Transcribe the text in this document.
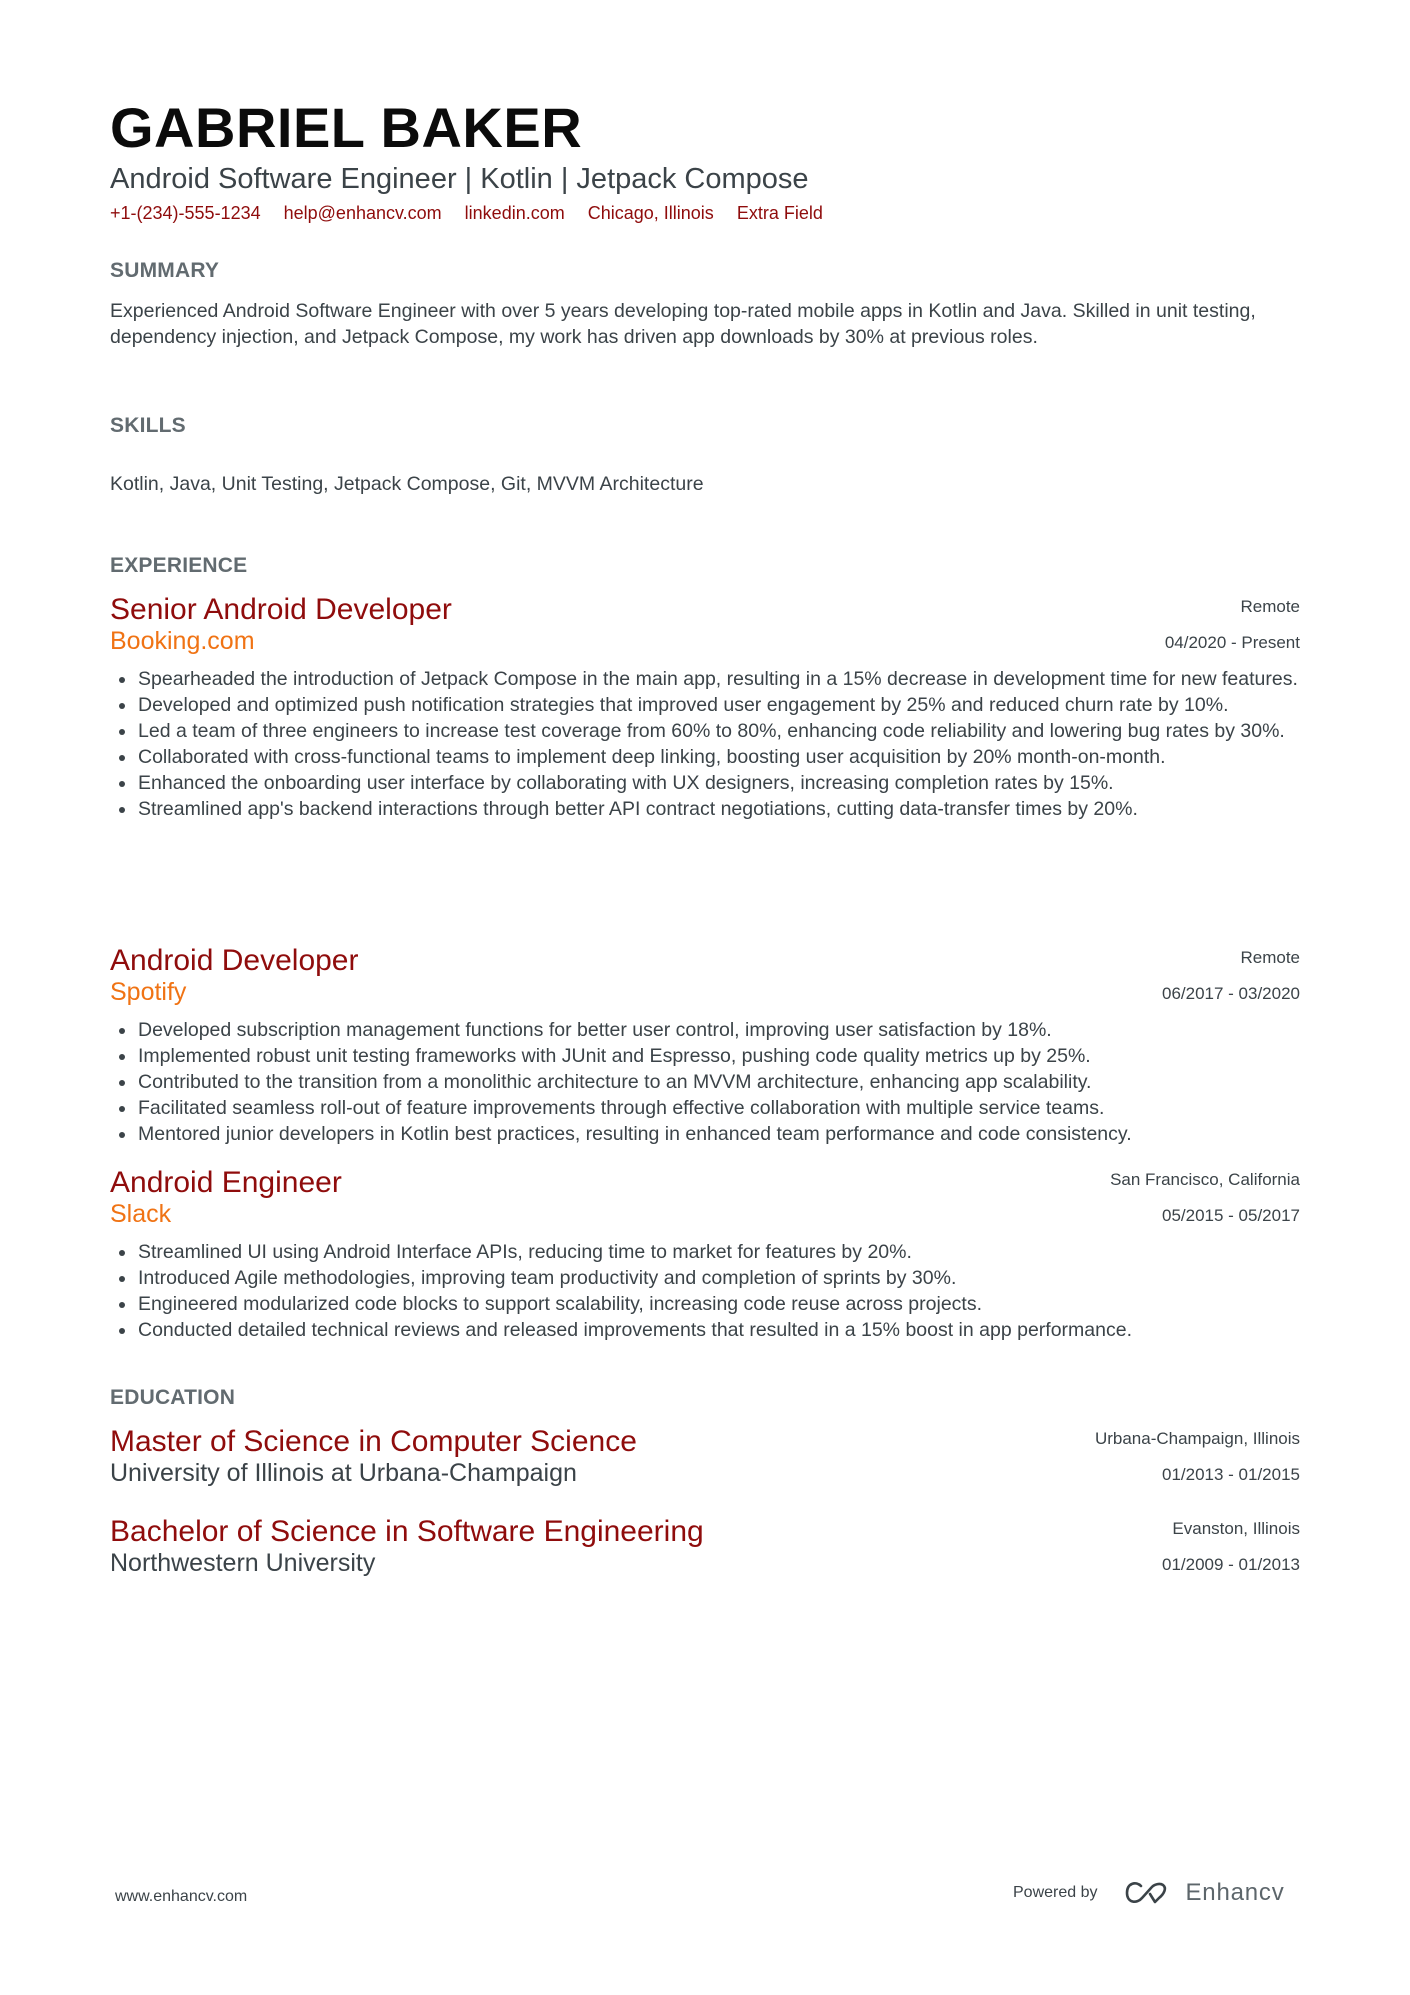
GABRIEL BAKER
Android Software Engineer | Kotlin | Jetpack Compose
+1-(234)-555-1234 help@enhancv.com linkedin.com Chicago, Illinois Extra Field
SUMMARY
Experienced Android Software Engineer with over 5 years developing top-rated mobile apps in Kotlin and Java. Skilled in unit testing, dependency injection, and Jetpack Compose, my work has driven app downloads by 30% at previous roles.
SKILLS
Kotlin, Java, Unit Testing, Jetpack Compose, Git, MVVM Architecture
EXPERIENCE
Senior Android Developer
Booking.com
Remote
04/2020 - Present
Spearheaded the introduction of Jetpack Compose in the main app, resulting in a 15% decrease in development time for new features.
Developed and optimized push notification strategies that improved user engagement by 25% and reduced churn rate by 10%.
Led a team of three engineers to increase test coverage from 60% to 80%, enhancing code reliability and lowering bug rates by 30%.
Collaborated with cross-functional teams to implement deep linking, boosting user acquisition by 20% month-on-month.
Enhanced the onboarding user interface by collaborating with UX designers, increasing completion rates by 15%.
Streamlined app's backend interactions through better API contract negotiations, cutting data-transfer times by 20%.
Android Developer
Spotify
Remote
06/2017 - 03/2020
Developed subscription management functions for better user control, improving user satisfaction by 18%.
Implemented robust unit testing frameworks with JUnit and Espresso, pushing code quality metrics up by 25%.
Contributed to the transition from a monolithic architecture to an MVVM architecture, enhancing app scalability.
Facilitated seamless roll-out of feature improvements through effective collaboration with multiple service teams.
Mentored junior developers in Kotlin best practices, resulting in enhanced team performance and code consistency.
Android Engineer
Slack
San Francisco, California
05/2015 - 05/2017
Streamlined UI using Android Interface APIs, reducing time to market for features by 20%.
Introduced Agile methodologies, improving team productivity and completion of sprints by 30%.
Engineered modularized code blocks to support scalability, increasing code reuse across projects.
Conducted detailed technical reviews and released improvements that resulted in a 15% boost in app performance.
EDUCATION
Master of Science in Computer Science
University of Illinois at Urbana-Champaign
Urbana-Champaign, Illinois
01/2013 - 01/2015
Bachelor of Science in Software Engineering
Northwestern University
Evanston, Illinois
01/2009 - 01/2013
www.enhancv.com	Powered by	Enhancv
